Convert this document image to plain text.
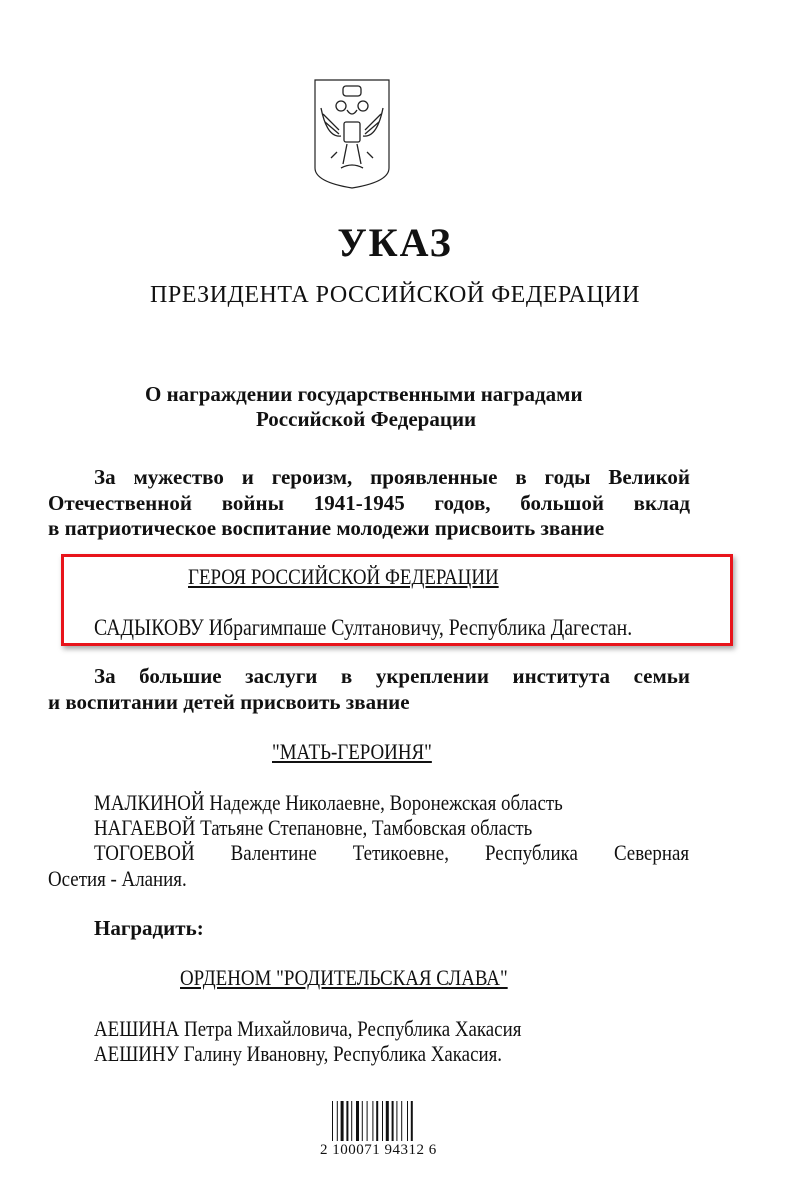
УКАЗ
ПРЕЗИДЕНТА РОССИЙСКОЙ ФЕДЕРАЦИИ
О награждении государственными наградами
Российской Федерации
За мужество и героизм, проявленные в годы Великой
Отечественной войны 1941-1945 годов, большой вклад
в патриотическое воспитание молодежи присвоить звание
ГЕРОЯ РОССИЙСКОЙ ФЕДЕРАЦИИ
САДЫКОВУ Ибрагимпаше Султановичу, Республика Дагестан.
За большие заслуги в укреплении института семьи
и воспитании детей присвоить звание
"МАТЬ-ГЕРОИНЯ"
МАЛКИНОЙ Надежде Николаевне, Воронежская область
НАГАЕВОЙ Татьяне Степановне, Тамбовская область
ТОГОЕВОЙ Валентине Тетикоевне, Республика Северная
Осетия - Алания.
Наградить:
ОРДЕНОМ "РОДИТЕЛЬСКАЯ СЛАВА"
АЕШИНА Петра Михайловича, Республика Хакасия
АЕШИНУ Галину Ивановну, Республика Хакасия.
2 100071 94312 6
